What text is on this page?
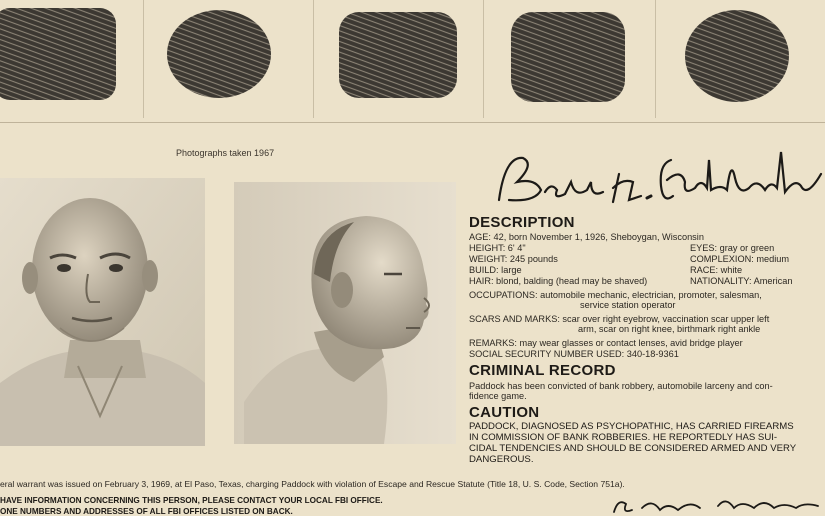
Photographs taken 1967
DESCRIPTION
AGE: 42, born November 1, 1926, Sheboygan, Wisconsin
HEIGHT: 6' 4"	EYES: gray or green
WEIGHT: 245 pounds	COMPLEXION: medium
BUILD: large	RACE: white
HAIR: blond, balding (head may be shaved)	NATIONALITY: American
OCCUPATIONS: automobile mechanic, electrician, promoter, salesman,
service station operator
SCARS AND MARKS: scar over right eyebrow, vaccination scar upper left
arm, scar on right knee, birthmark right ankle
REMARKS: may wear glasses or contact lenses, avid bridge player
SOCIAL SECURITY NUMBER USED: 340-18-9361
CRIMINAL RECORD
Paddock has been convicted of bank robbery, automobile larceny and con-
fidence game.
CAUTION
PADDOCK, DIAGNOSED AS PSYCHOPATHIC, HAS CARRIED FIREARMS
IN COMMISSION OF BANK ROBBERIES. HE REPORTEDLY HAS SUI-
CIDAL TENDENCIES AND SHOULD BE CONSIDERED ARMED AND VERY
DANGEROUS.
eral warrant was issued on February 3, 1969, at El Paso, Texas, charging Paddock with violation of Escape and Rescue Statute (Title 18, U. S. Code, Section 751a).
HAVE INFORMATION CONCERNING THIS PERSON, PLEASE CONTACT YOUR LOCAL FBI OFFICE.
ONE NUMBERS AND ADDRESSES OF ALL FBI OFFICES LISTED ON BACK.
